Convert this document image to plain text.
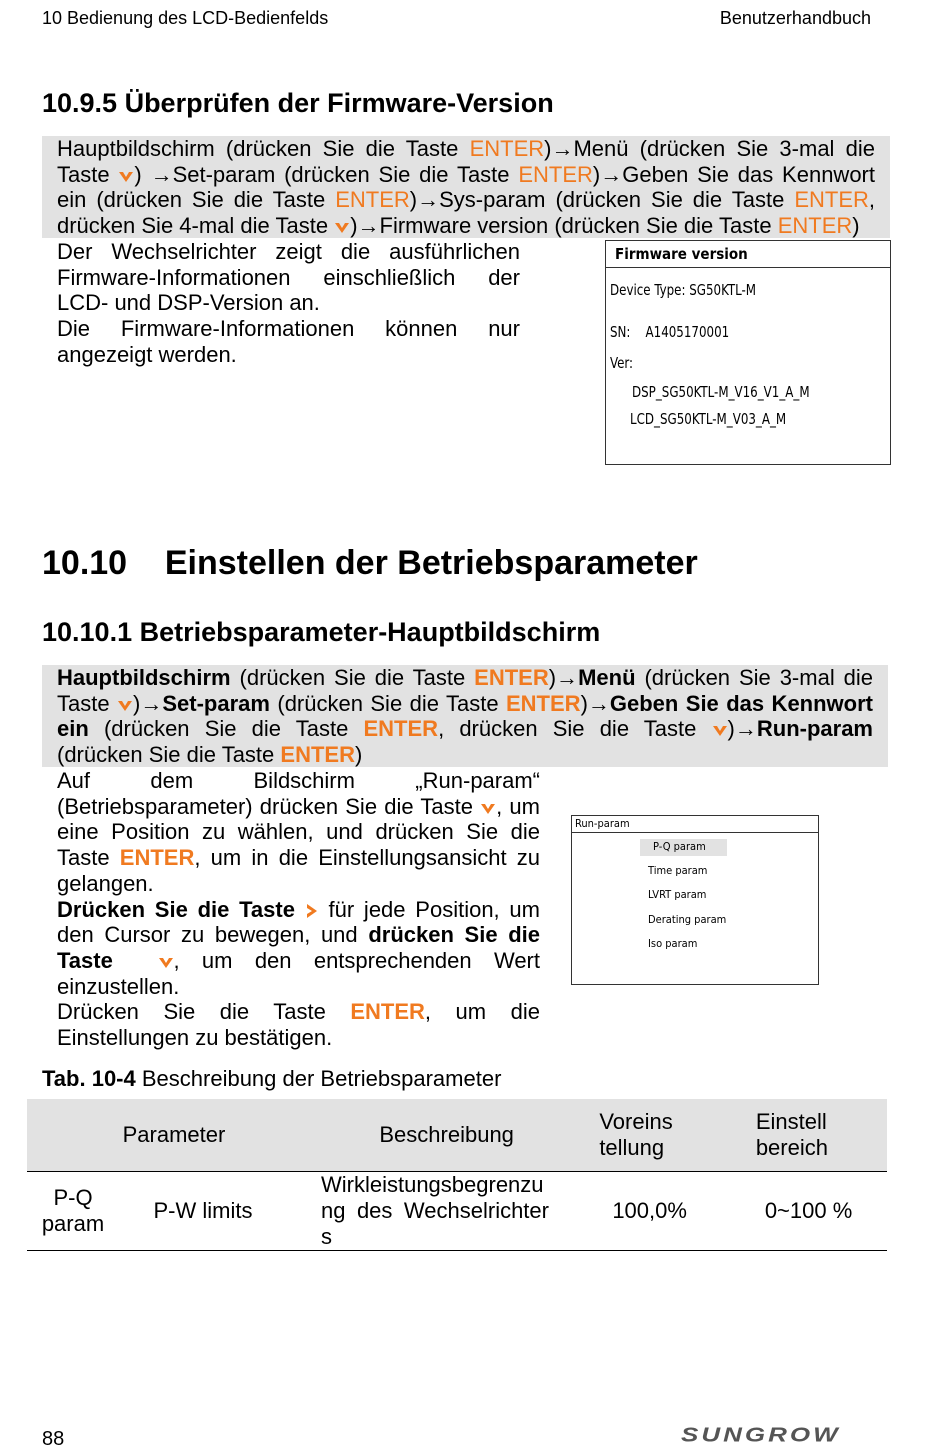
10 Bedienung des LCD-Bedienfelds	Benutzerhandbuch
10.9.5 Überprüfen der Firmware-Version
Hauptbildschirm (drücken Sie die Taste ENTER)→Menü (drücken Sie 3-mal die Taste ) →Set-param (drücken Sie die Taste ENTER)→Geben Sie das Kennwort ein (drücken Sie die Taste ENTER)→Sys-param (drücken Sie die Taste ENTER, drücken Sie 4-mal die Taste )→Firmware version (drücken Sie die Taste ENTER)
Der Wechselrichter zeigt die ausführlichen Firmware-Informationen einschließlich der LCD- und DSP-Version an.
Die Firmware-Informationen können nur angezeigt werden.
Firmware version
Device Type: SG50KTL-M
SN: A1405170001
Ver:
DSP_SG50KTL-M_V16_V1_A_M
LCD_SG50KTL-M_V03_A_M
10.10    Einstellen der Betriebsparameter
10.10.1 Betriebsparameter-Hauptbildschirm
Hauptbildschirm (drücken Sie die Taste ENTER)→Menü (drücken Sie 3-mal die Taste )→Set-param (drücken Sie die Taste ENTER)→Geben Sie das Kennwort ein (drücken Sie die Taste ENTER, drücken Sie die Taste )→Run-param (drücken Sie die Taste ENTER)
Auf dem Bildschirm „Run-param“ (Betriebsparameter) drücken Sie die Taste , um eine Position zu wählen, und drücken Sie die Taste ENTER, um in die Einstellungsansicht zu gelangen.
Drücken Sie die Taste  für jede Position, um den Cursor zu bewegen, und drücken Sie die Taste	, um den entsprechenden Wert einzustellen.
Drücken Sie die Taste ENTER, um die Einstellungen zu bestätigen.
Run-param
P-Q param
Time param
LVRT param
Derating param
Iso param
Tab. 10-4 Beschreibung der Betriebsparameter
Parameter		Beschreibung	Voreins tellung	Einstell bereich

P-Q param	P-W limits	Wirkleistungsbegrenzung des Wechselrichters	100,0%	0~100 %
88	SUNGROW
